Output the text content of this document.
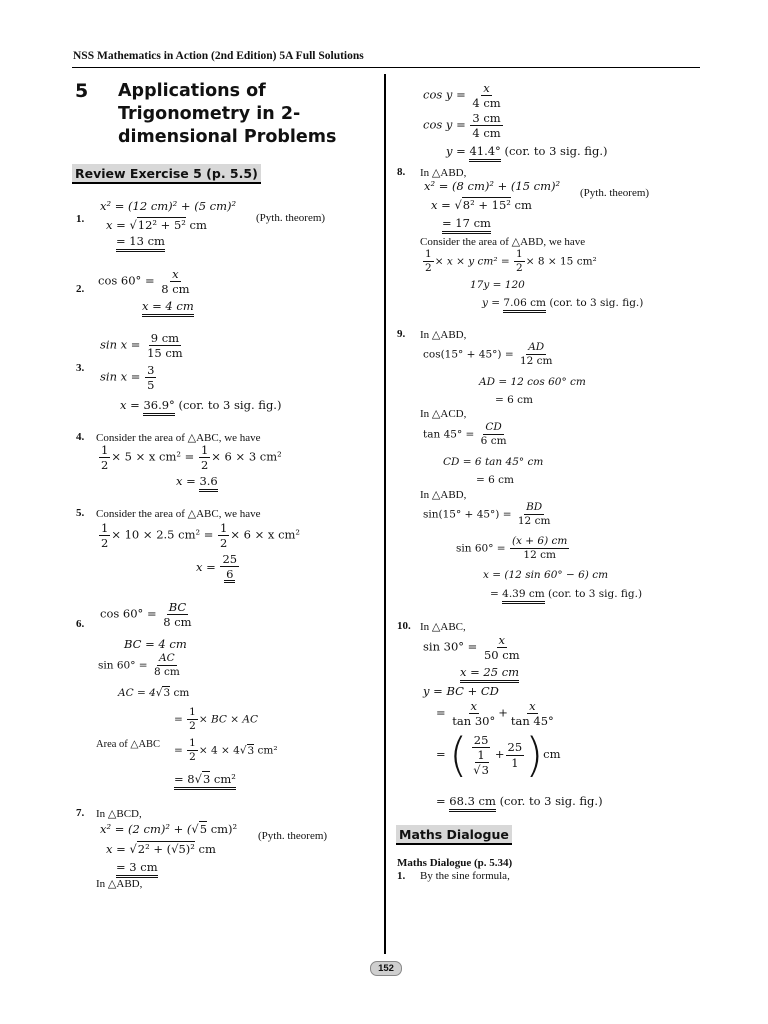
NSS Mathematics in Action (2nd Edition) 5A Full Solutions
5 Applications of Trigonometry in 2-dimensional Problems
Review Exercise 5 (p. 5.5)
1.
x² = (12 cm)² + (5 cm)²
x = √12² + 5² cm	(Pyth. theorem)
= 13 cm
2.
$\cos 60^\circ = \frac{x}{8 cm}$
x = 4 cm
3.
$\sin x = \frac{9 cm}{15 cm}$
$\sin x = \frac{3}{5}$
x = 36.9° (cor. to 3 sig. fig.)
4. Consider the area of △ABC, we have
$\frac{1}{2} \times 5 \times x$ $cm^2 = \frac{1}{2} \times 6 \times 3$ cm²
x = 3.6
5. Consider the area of △ABC, we have
$\frac{1}{2} \times 10 \times 2.5$ $cm^2 = \frac{1}{2} \times 6 \times x$ cm²
$x = \frac{25}{6}$
6.
$\cos 60^\circ = \frac{BC}{8 cm}$
BC = 4 cm
$\sin 60^\circ = \frac{AC}{8 cm}$
AC = 4√3 cm
= $\frac{1}{2}$ × BC × AC
Area of △ABC
= $\frac{1}{2} \times 4 \times 4√3$ cm²
= 8√3 cm²
7. In △BCD,
x² = (2 cm)² + (√5 cm)² (Pyth. theorem)
x = √2² + (√5)² cm
= 3 cm
In △ABD,
$\cos y = \frac{x}{4 cm}$
$\cos y = \frac{3 cm}{4 cm}$
y = 41.4° (cor. to 3 sig. fig.)
8. In △ABD,
x² = (8 cm)² + (15 cm)² (Pyth. theorem)
x = √8² + 15² cm
= 17 cm
Consider the area of △ABD, we have
$\frac{1}{2} \times x \times y$ $cm^2 = \frac{1}{2} \times 8 \times 15$ cm²
17y = 120
y = 7.06 cm (cor. to 3 sig. fig.)
9. In △ABD,
$\cos(15^\circ + 45^\circ) = \frac{AD}{12 cm}$
AD = 12 cos 60° cm
= 6 cm
In △ACD,
$\tan 45^\circ = \frac{CD}{6 cm}$
CD = 6 tan 45° cm
= 6 cm
In △ABD,
$\sin(15^\circ + 45^\circ) = \frac{BD}{12 cm}$
$\sin 60^\circ = \frac{(x + 6) cm}{12 cm}$
x = (12 sin 60° − 6) cm
= 4.39 cm (cor. to 3 sig. fig.)
10. In △ABC,
$\sin 30^\circ = \frac{x}{50 cm}$
x = 25 cm
y = BC + CD
= $\frac{x}{\tan 30^\circ} + \frac{x}{\tan 45^\circ}$
= ( $\frac{25}{\frac{1}{√3}} + \frac{25}{1} )cm$
= 68.3 cm (cor. to 3 sig. fig.)
Maths Dialogue
Maths Dialogue (p. 5.34)
1. By the sine formula,
152
